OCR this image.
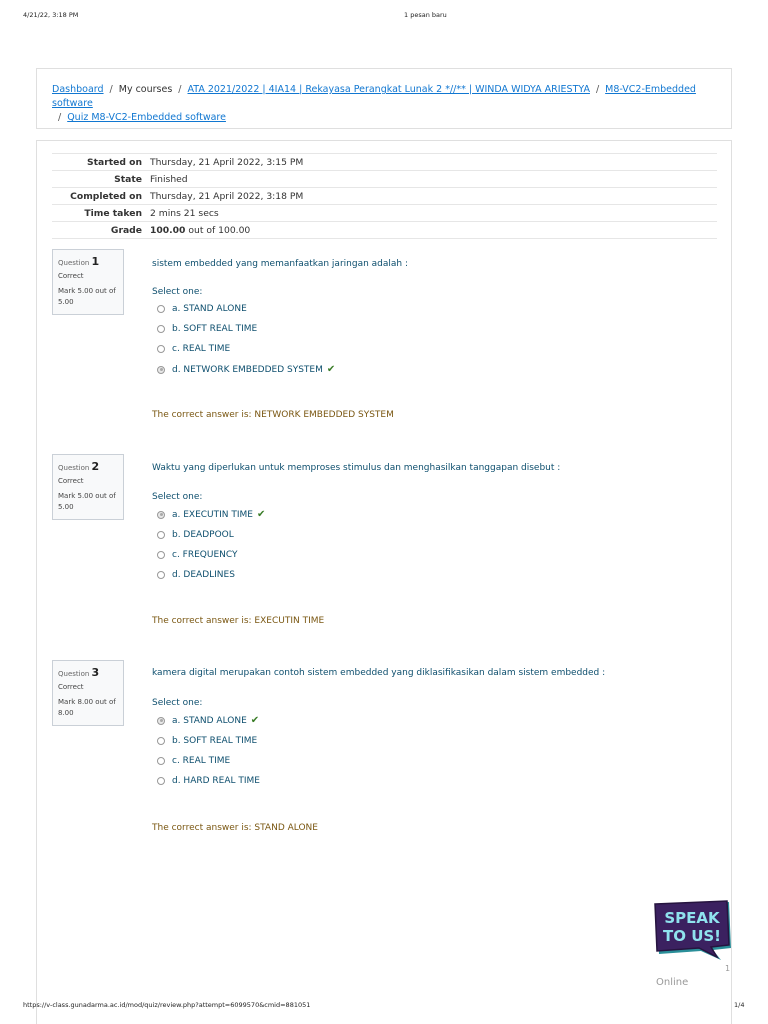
4/21/22, 3:18 PM	1 pesan baru
Dashboard / My courses / ATA 2021/2022 | 4IA14 | Rekayasa Perangkat Lunak 2 *//** | WINDA WIDYA ARIESTYA / M8-VC2-Embedded software
/ Quiz M8-VC2-Embedded software
Started on	Thursday, 21 April 2022, 3:15 PM
State	Finished
Completed on	Thursday, 21 April 2022, 3:18 PM
Time taken	2 mins 21 secs
Grade	100.00 out of 100.00
Question 1
Correct
Mark 5.00 out of 5.00
sistem embedded yang memanfaatkan jaringan adalah :
Select one:
a. STAND ALONE
b. SOFT REAL TIME
c. REAL TIME
d. NETWORK EMBEDDED SYSTEM ✔
The correct answer is: NETWORK EMBEDDED SYSTEM
Question 2
Correct
Mark 5.00 out of 5.00
Waktu yang diperlukan untuk memproses stimulus dan menghasilkan tanggapan disebut :
Select one:
a. EXECUTIN TIME ✔
b. DEADPOOL
c. FREQUENCY
d. DEADLINES
The correct answer is: EXECUTIN TIME
Question 3
Correct
Mark 8.00 out of 8.00
kamera digital merupakan contoh sistem embedded yang diklasifikasikan dalam sistem embedded :
Select one:
a. STAND ALONE ✔
b. SOFT REAL TIME
c. REAL TIME
d. HARD REAL TIME
The correct answer is: STAND ALONE
SPEAK
TO US!
1
Online
https://v-class.gunadarma.ac.id/mod/quiz/review.php?attempt=6099570&cmid=881051	1/4
